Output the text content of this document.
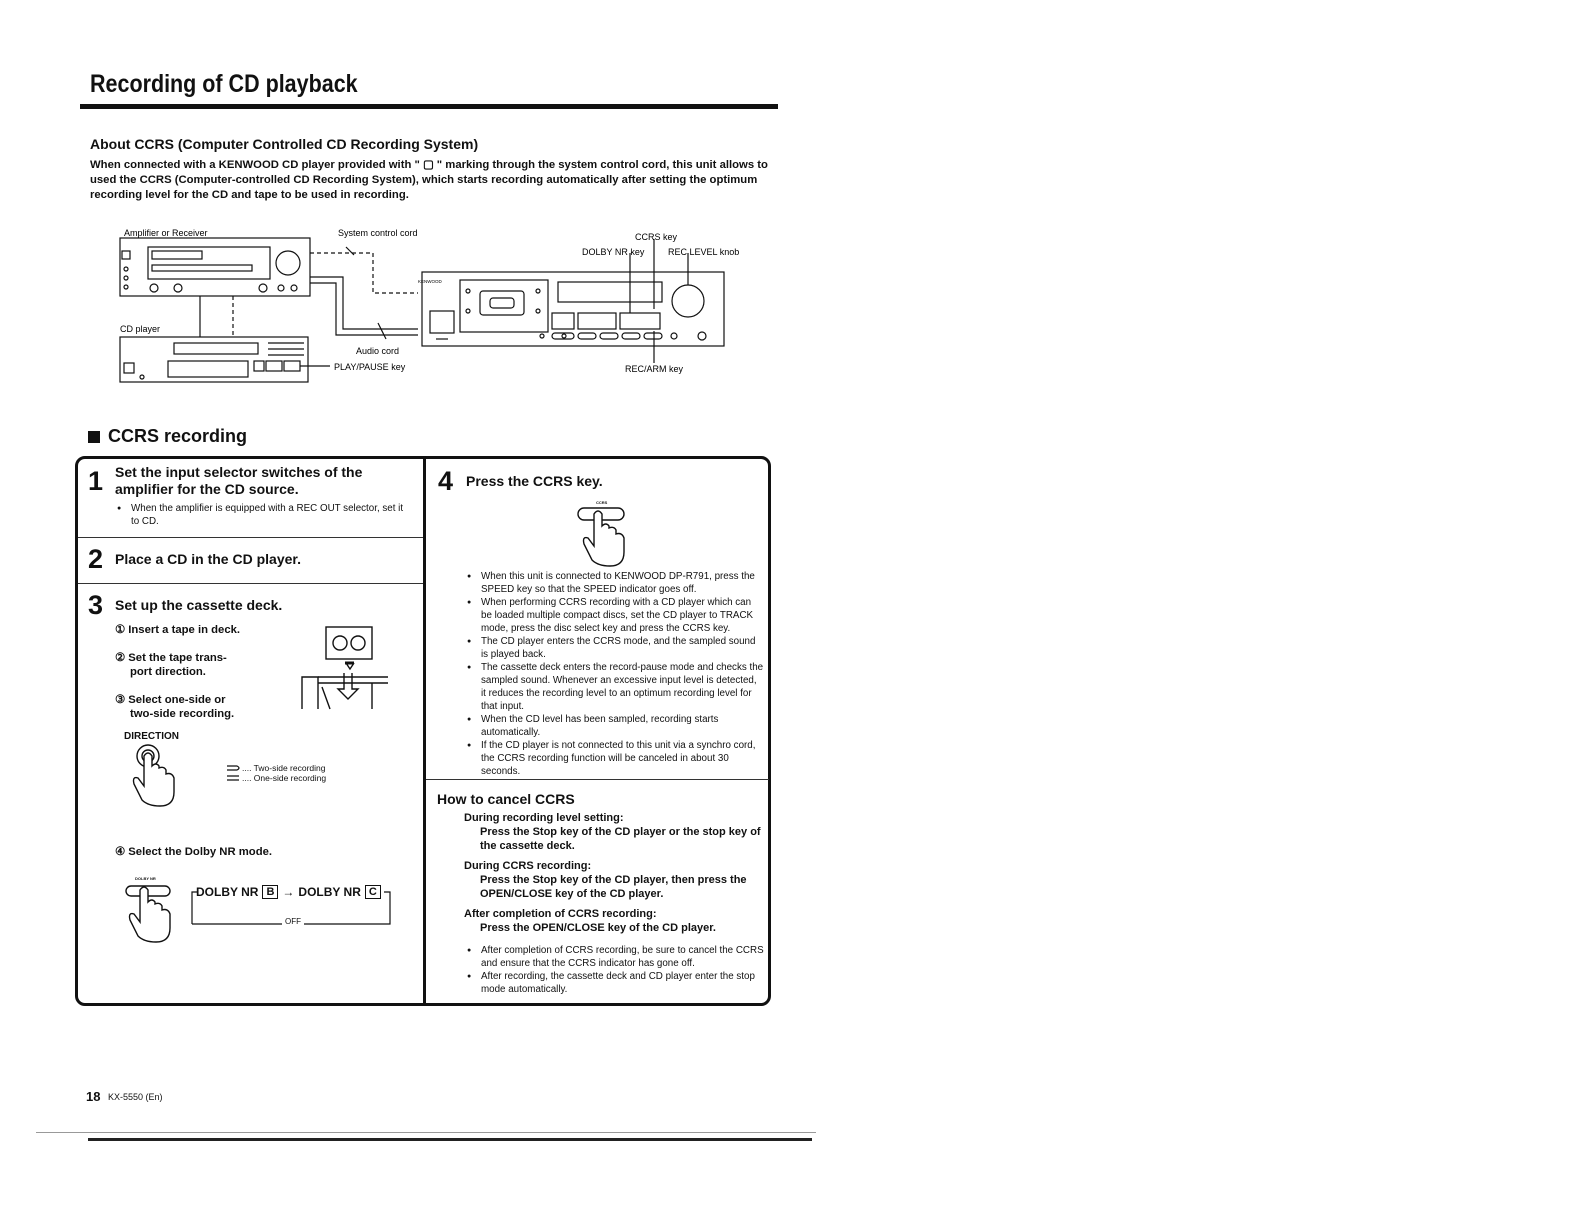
Recording of CD playback
About CCRS (Computer Controlled CD Recording System)
When connected with a KENWOOD CD player provided with " ▢ " marking through the system control cord, this unit allows to used the CCRS (Computer-controlled CD Recording System), which starts recording automatically after setting the optimum recording level for the CD and tape to be used in recording.
KENWOOD
Amplifier or Receiver	System control cord	CCRS key
DOLBY NR key	REC LEVEL knob
CD player
Audio cord
PLAY/PAUSE key	REC/ARM key
CCRS recording
1 Set the input selector switches of the amplifier for the CD source.
● When the amplifier is equipped with a REC OUT selector, set it to CD.
2 Place a CD in the CD player.
3 Set up the cassette deck.
① Insert a tape in deck.
② Set the tape trans-
port direction.
③ Select one-side or
two-side recording.
DIRECTION
.... Two-side recording
.... One-side recording
④ Select the Dolby NR mode.
DOLBY NR
DOLBY NR B → DOLBY NR C
OFF
4 Press the CCRS key.
CCRS
● When this unit is connected to KENWOOD DP-R791, press the SPEED key so that the SPEED indicator goes off.
● When performing CCRS recording with a CD player which can be loaded multiple compact discs, set the CD player to TRACK mode, press the disc select key and press the CCRS key.
● The CD player enters the CCRS mode, and the sampled sound is played back.
● The cassette deck enters the record-pause mode and checks the sampled sound. Whenever an excessive input level is detected, it reduces the recording level to an optimum recording level for that input.
● When the CD level has been sampled, recording starts automatically.
● If the CD player is not connected to this unit via a synchro cord, the CCRS recording function will be canceled in about 30 seconds.
How to cancel CCRS
During recording level setting:
Press the Stop key of the CD player or the stop key of the cassette deck.
During CCRS recording:
Press the Stop key of the CD player, then press the OPEN/CLOSE key of the CD player.
After completion of CCRS recording:
Press the OPEN/CLOSE key of the CD player.
● After completion of CCRS recording, be sure to cancel the CCRS and ensure that the CCRS indicator has gone off.
● After recording, the cassette deck and CD player enter the stop mode automatically.
18 KX-5550 (En)
